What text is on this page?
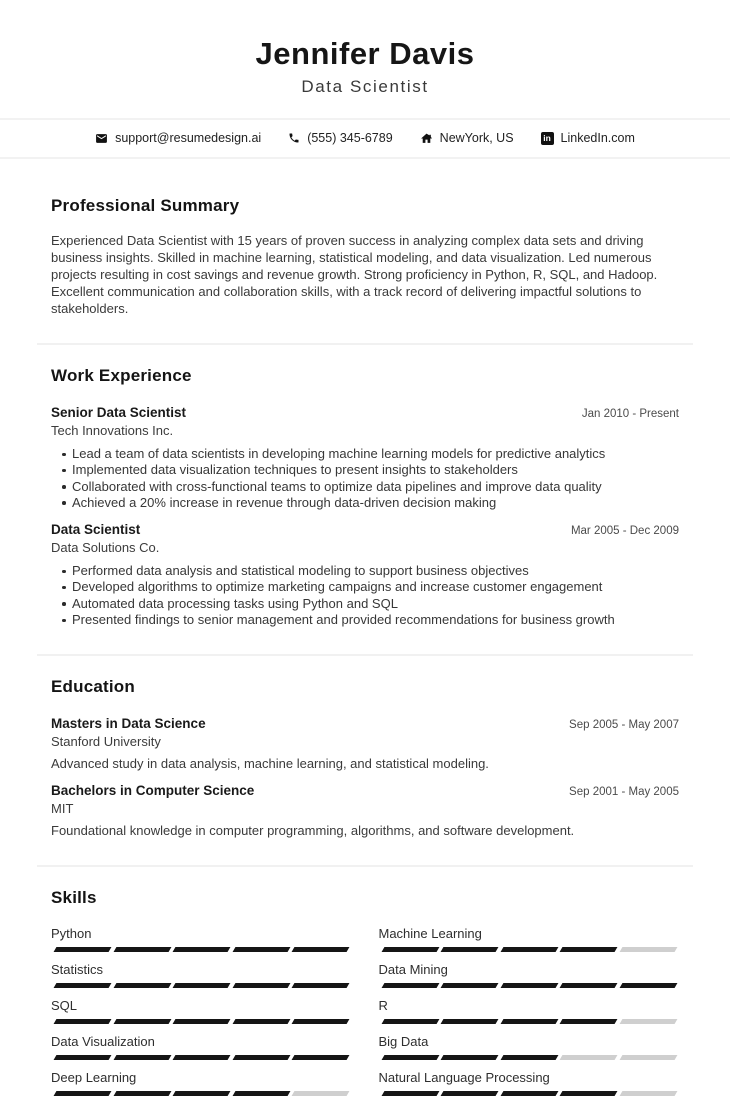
Jennifer Davis
Data Scientist
support@resumedesign.ai	(555) 345-6789	NewYork, US	in LinkedIn.com
Professional Summary

Experienced Data Scientist with 15 years of proven success in analyzing complex data sets and driving business insights. Skilled in machine learning, statistical modeling, and data visualization. Led numerous projects resulting in cost savings and revenue growth. Strong proficiency in Python, R, SQL, and Hadoop. Excellent communication and collaboration skills, with a track record of delivering impactful solutions to stakeholders.

Work Experience
Senior Data Scientist	Jan 2010 - Present
Tech Innovations Inc.
Lead a team of data scientists in developing machine learning models for predictive analytics
Implemented data visualization techniques to present insights to stakeholders
Collaborated with cross-functional teams to optimize data pipelines and improve data quality
Achieved a 20% increase in revenue through data-driven decision making
Data Scientist	Mar 2005 - Dec 2009
Data Solutions Co.
Performed data analysis and statistical modeling to support business objectives
Developed algorithms to optimize marketing campaigns and increase customer engagement
Automated data processing tasks using Python and SQL
Presented findings to senior management and provided recommendations for business growth
Education
Masters in Data Science	Sep 2005 - May 2007
Stanford University
Advanced study in data analysis, machine learning, and statistical modeling.
Bachelors in Computer Science	Sep 2001 - May 2005
MIT
Foundational knowledge in computer programming, algorithms, and software development.
Skills
Python	Machine Learning
Statistics	Data Mining
SQL	R
Data Visualization	Big Data
Deep Learning	Natural Language Processing
